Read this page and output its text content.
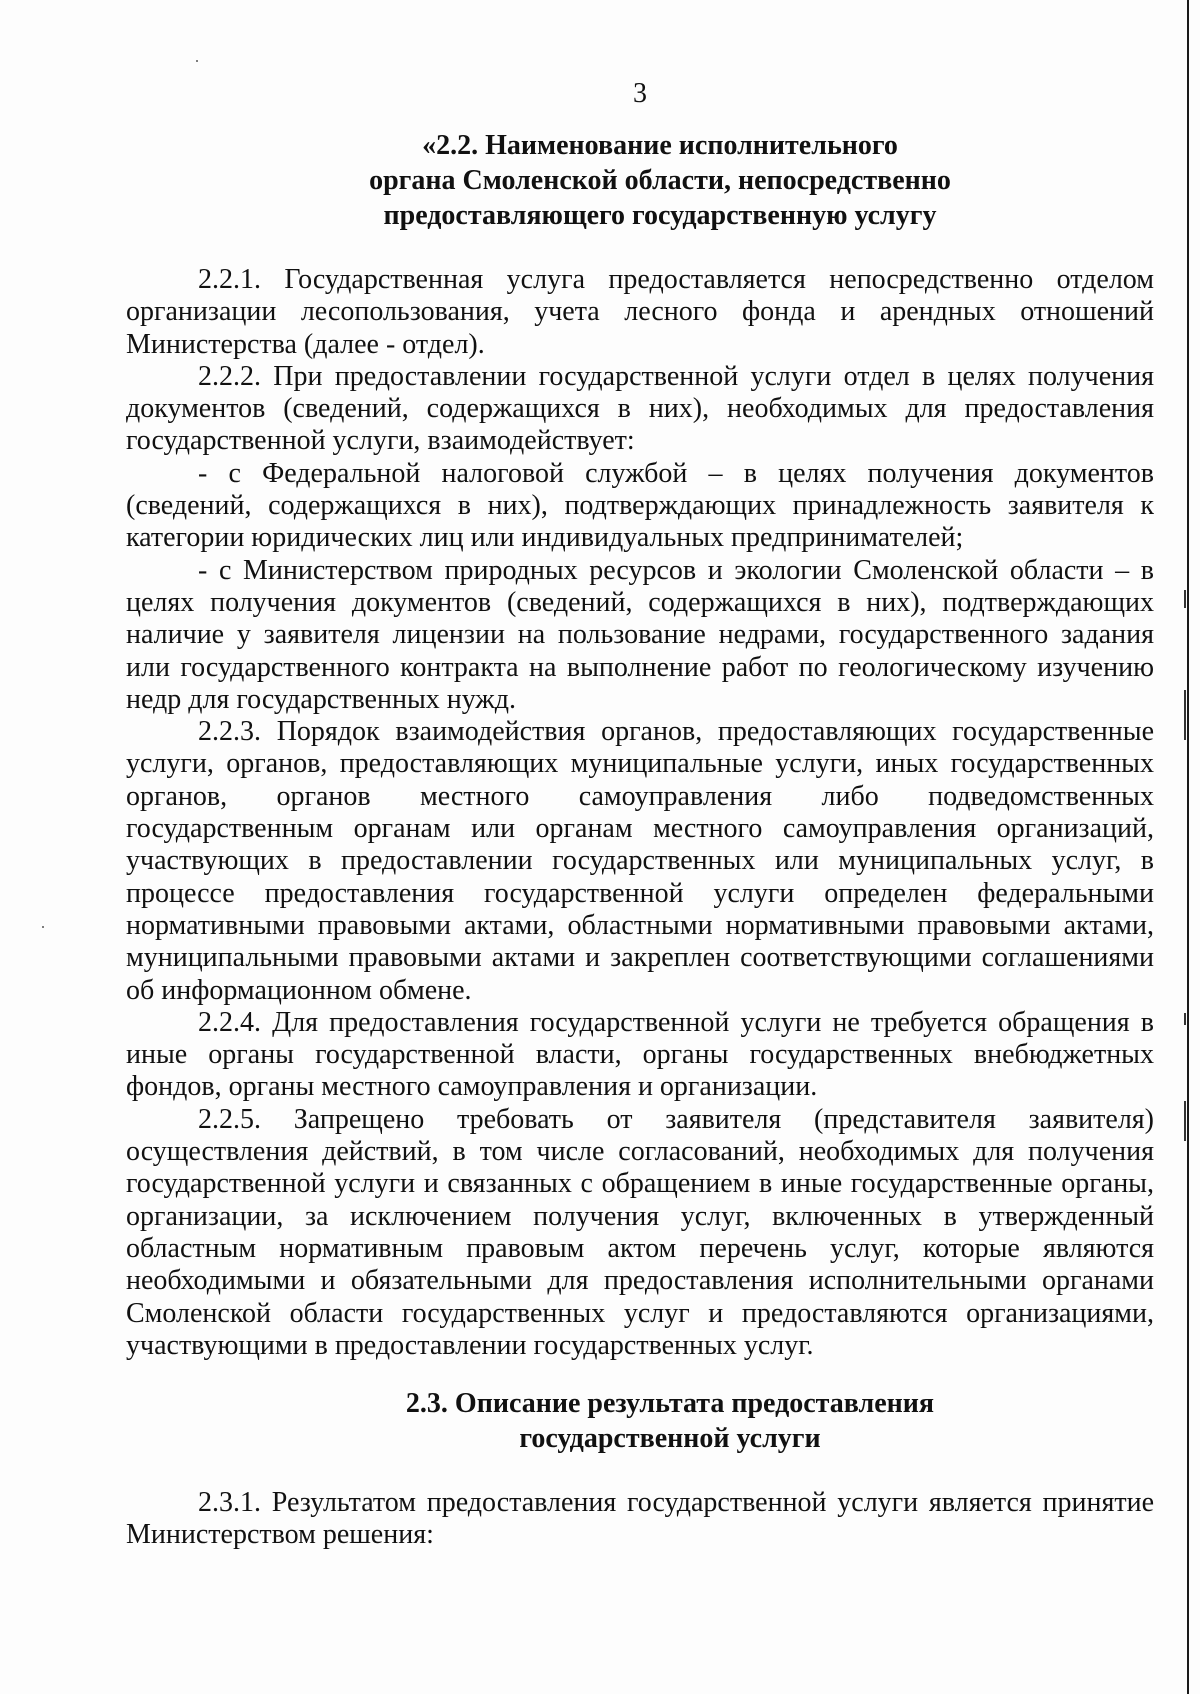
3
«2.2. Наименование исполнительного
органа Смоленской области, непосредственно
предоставляющего государственную услугу

2.2.1. Государственная услуга предоставляется непосредственно отделом организации лесопользования, учета лесного фонда и арендных отношений Министерства (далее - отдел).

2.2.2. При предоставлении государственной услуги отдел в целях получения документов (сведений, содержащихся в них), необходимых для предоставления государственной услуги, взаимодействует:

- с Федеральной налоговой службой – в целях получения документов (сведений, содержащихся в них), подтверждающих принадлежность заявителя к категории юридических лиц или индивидуальных предпринимателей;

- с Министерством природных ресурсов и экологии Смоленской области – в целях получения документов (сведений, содержащихся в них), подтверждающих наличие у заявителя лицензии на пользование недрами, государственного задания или государственного контракта на выполнение работ по геологическому изучению недр для государственных нужд.

2.2.3. Порядок взаимодействия органов, предоставляющих государственные услуги, органов, предоставляющих муниципальные услуги, иных государственных органов, органов местного самоуправления либо подведомственных государственным органам или органам местного самоуправления организаций, участвующих в предоставлении государственных или муниципальных услуг, в процессе предоставления государственной услуги определен федеральными нормативными правовыми актами, областными нормативными правовыми актами, муниципальными правовыми актами и закреплен соответствующими соглашениями об информационном обмене.

2.2.4. Для предоставления государственной услуги не требуется обращения в иные органы государственной власти, органы государственных внебюджетных фондов, органы местного самоуправления и организации.

2.2.5. Запрещено требовать от заявителя (представителя заявителя) осуществления действий, в том числе согласований, необходимых для получения государственной услуги и связанных с обращением в иные государственные органы, организации, за исключением получения услуг, включенных в утвержденный областным нормативным правовым актом перечень услуг, которые являются необходимыми и обязательными для предоставления исполнительными органами Смоленской области государственных услуг и предоставляются организациями, участвующими в предоставлении государственных услуг.

2.3. Описание результата предоставления
государственной услуги

2.3.1. Результатом предоставления государственной услуги является принятие Министерством решения:
